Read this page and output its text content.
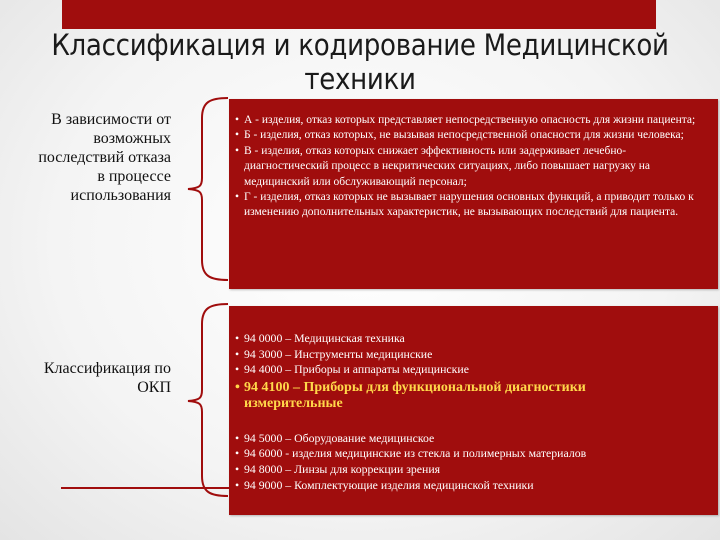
Классификация и кодирование Медицинской техники
В зависимости от
возможных
последствий отказа
в процессе
использования
Классификация по
ОКП
• А - изделия, отказ которых представляет непосредственную опасность для жизни пациента;
• Б - изделия, отказ которых, не вызывая непосредственной опасности для жизни человека;
• В - изделия, отказ которых снижает эффективность или задерживает лечебно-диагностический процесс в некритических ситуациях, либо повышает нагрузку на медицинский или обслуживающий персонал;
• Г - изделия, отказ которых не вызывает нарушения основных функций, а приводит только к изменению дополнительных характеристик, не вызывающих последствий для пациента.
• 94 0000 – Медицинская техника
• 94 3000 – Инструменты медицинские
• 94 4000 – Приборы и аппараты медицинские
• 94 4100 – Приборы для функциональной диагностики измерительные
• 94 5000 – Оборудование медицинское
• 94 6000 - изделия медицинские из стекла и полимерных материалов
• 94 8000 – Линзы для коррекции зрения
• 94 9000 – Комплектующие изделия медицинской техники
